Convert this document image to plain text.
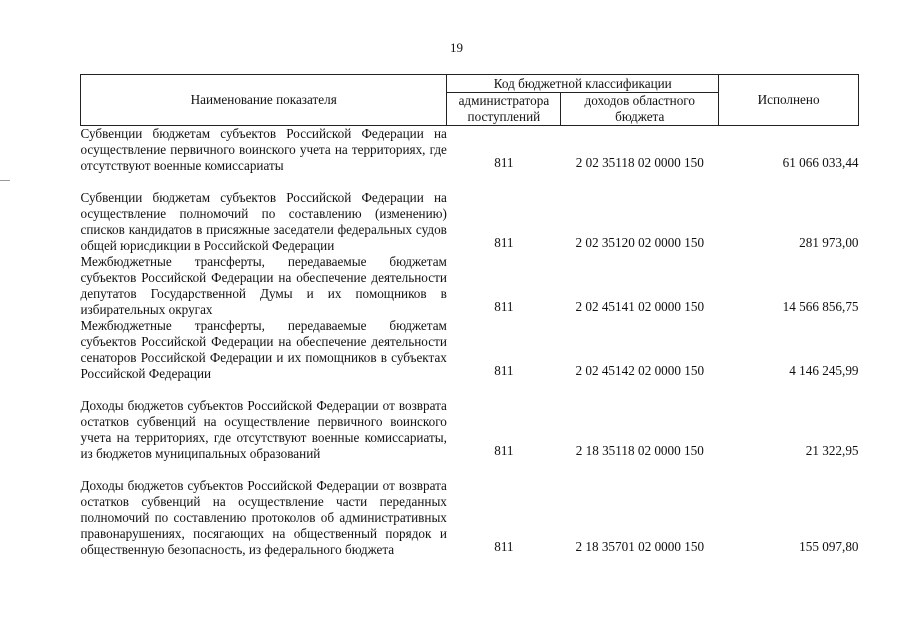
19
Наименование показателя	Код бюджетной классификации		Исполнено
	администратора поступлений	доходов областного бюджета	
Субвенции бюджетам субъектов Российской Федерации на осуществление первичного воинского учета на территориях, где отсутствуют военные комиссариаты	811	2 02 35118 02 0000 150	61 066 033,44
Субвенции бюджетам субъектов Российской Федерации на осуществление полномочий по составлению (изменению) списков кандидатов в присяжные заседатели федеральных судов общей юрисдикции в Российской Федерации	811	2 02 35120 02 0000 150	281 973,00
Межбюджетные трансферты, передаваемые бюджетам субъектов Российской Федерации на обеспечение деятельности депутатов Государственной Думы и их помощников в избирательных округах	811	2 02 45141 02 0000 150	14 566 856,75
Межбюджетные трансферты, передаваемые бюджетам субъектов Российской Федерации на обеспечение деятельности сенаторов Российской Федерации и их помощников в субъектах Российской Федерации	811	2 02 45142 02 0000 150	4 146 245,99
Доходы бюджетов субъектов Российской Федерации от возврата остатков субвенций на осуществление первичного воинского учета на территориях, где отсутствуют военные комиссариаты, из бюджетов муниципальных образований	811	2 18 35118 02 0000 150	21 322,95
Доходы бюджетов субъектов Российской Федерации от возврата остатков субвенций на осуществление части переданных полномочий по составлению протоколов об административных правонарушениях, посягающих на общественный порядок и общественную безопасность, из федерального бюджета	811	2 18 35701 02 0000 150	155 097,80
